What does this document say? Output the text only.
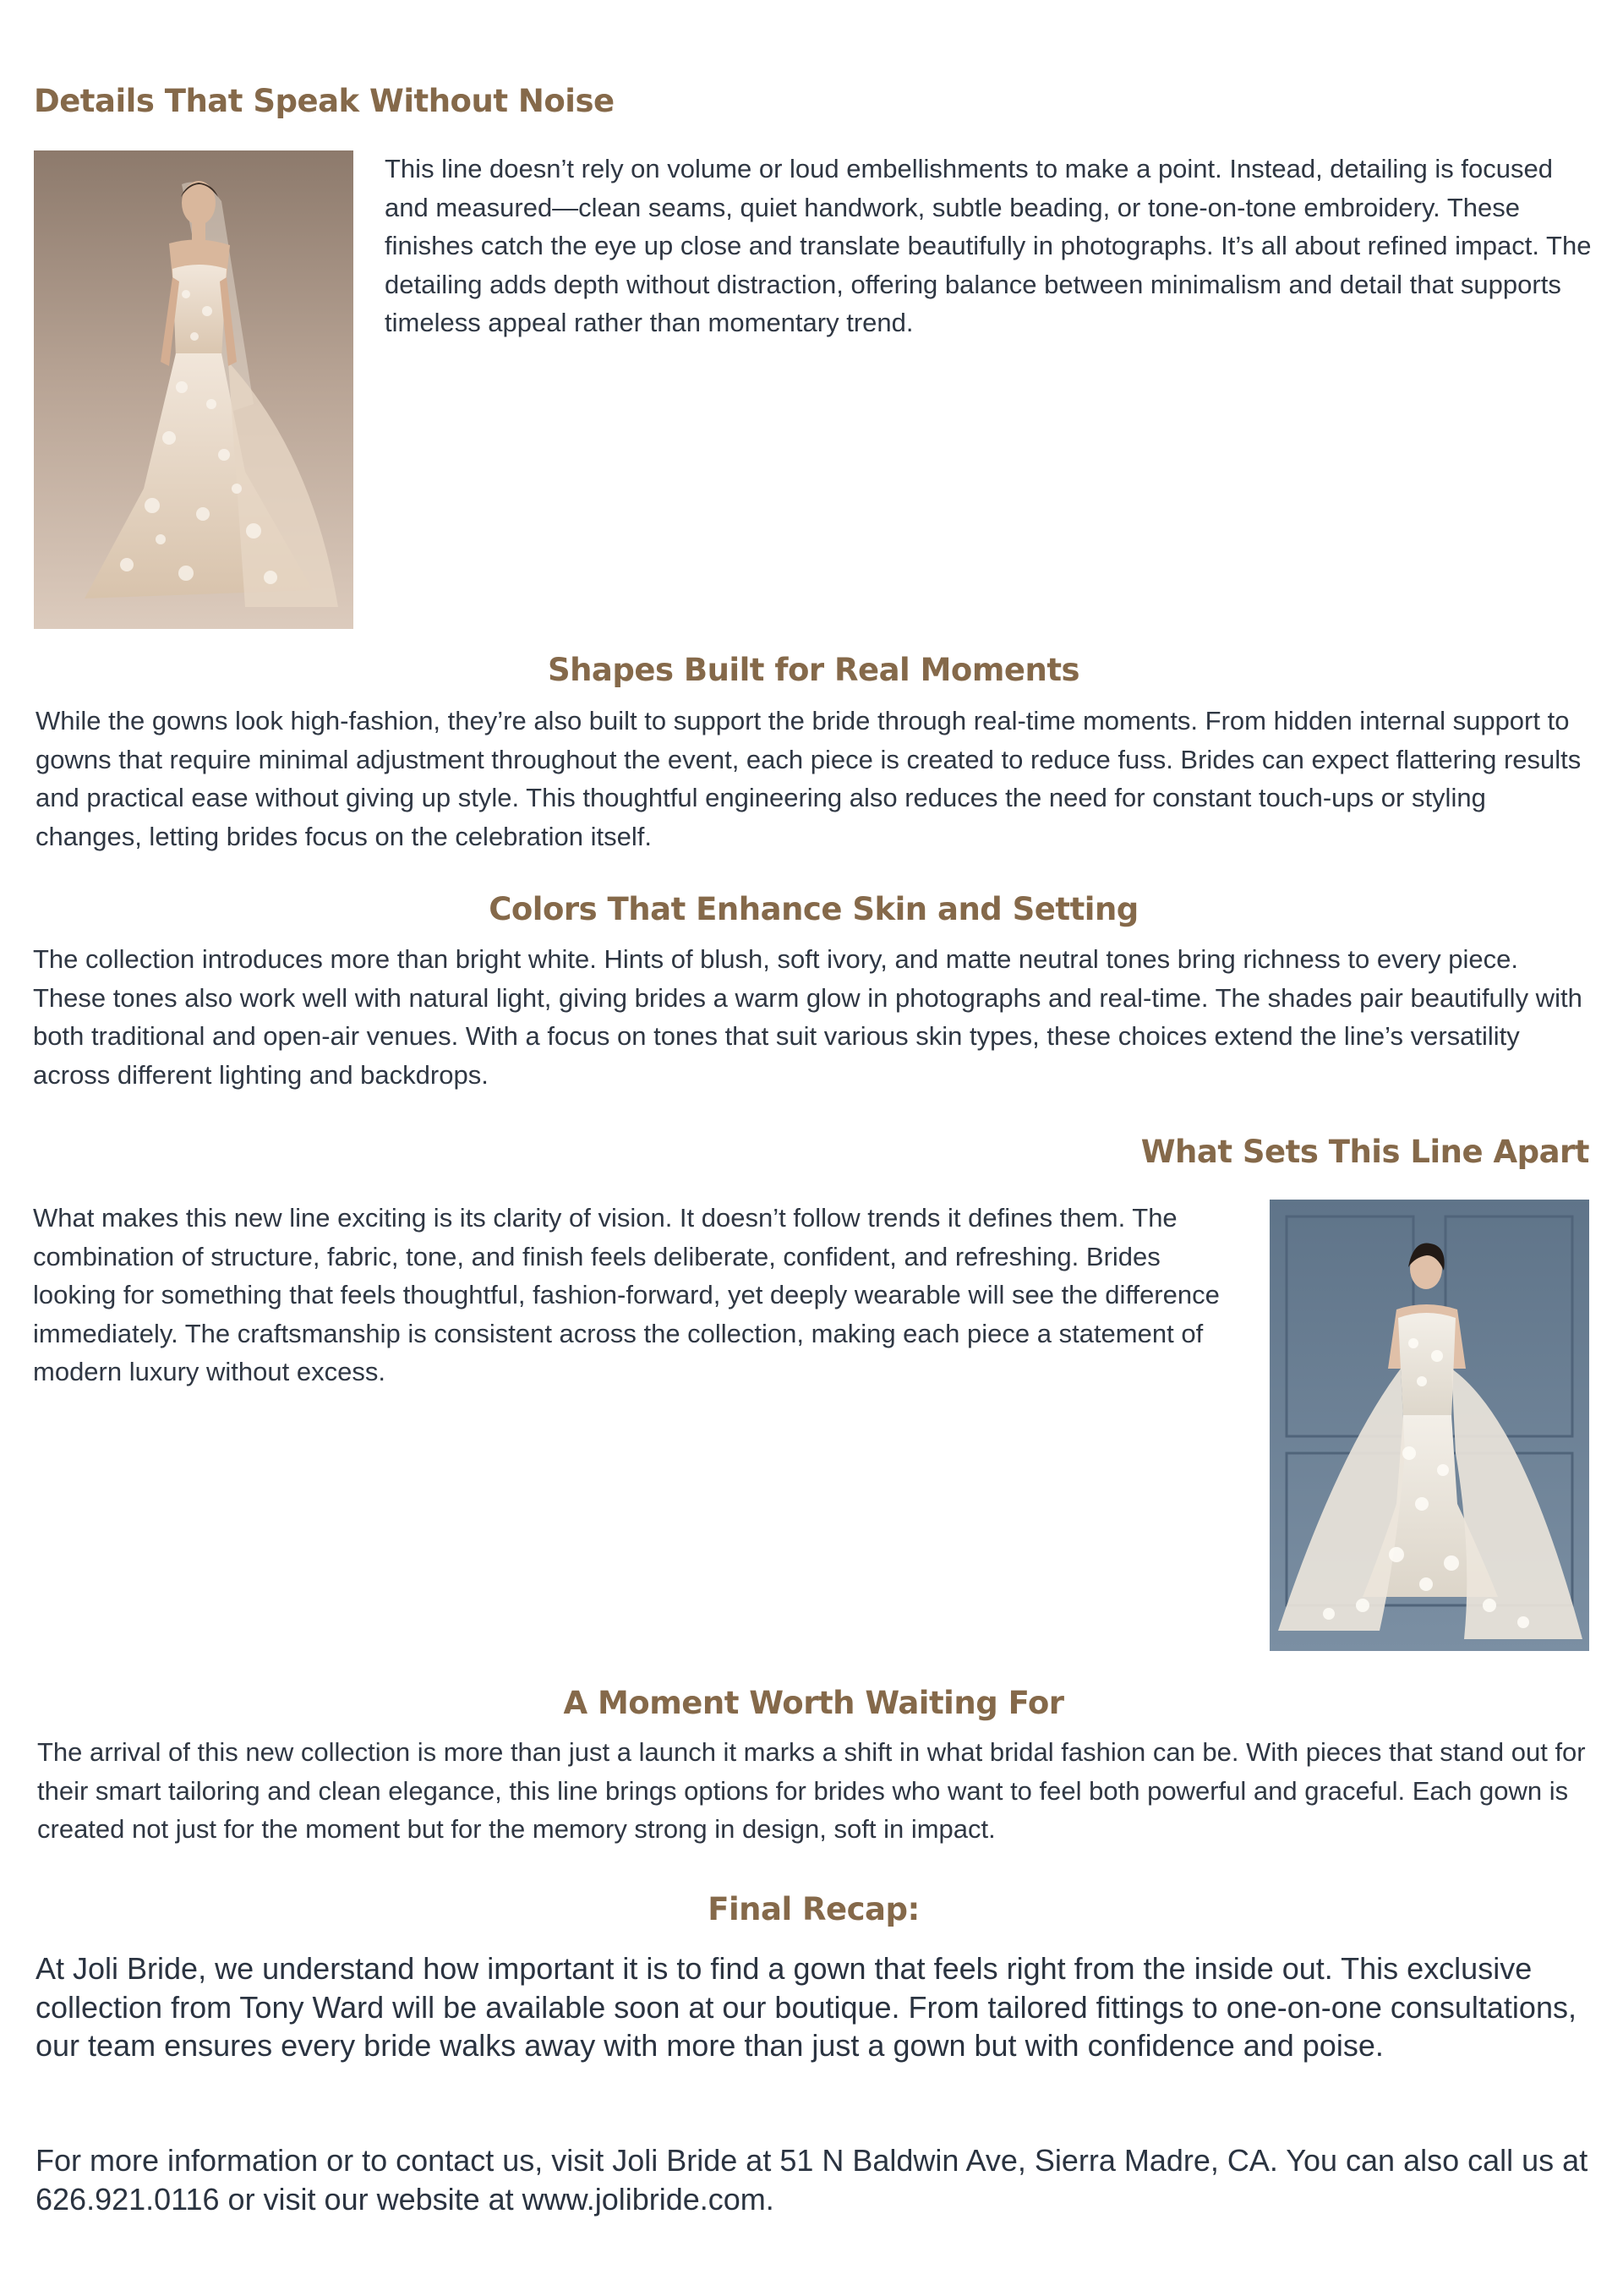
Details That Speak Without Noise

This line doesn’t rely on volume or loud embellishments to make a point. Instead, detailing is focused and measured—clean seams, quiet handwork, subtle beading, or tone-on-tone embroidery. These finishes catch the eye up close and translate beautifully in photographs. It’s all about refined impact. The detailing adds depth without distraction, offering balance between minimalism and detail that supports timeless appeal rather than momentary trend.

Shapes Built for Real Moments

While the gowns look high-fashion, they’re also built to support the bride through real-time moments. From hidden internal support to gowns that require minimal adjustment throughout the event, each piece is created to reduce fuss. Brides can expect flattering results and practical ease without giving up style. This thoughtful engineering also reduces the need for constant touch-ups or styling changes, letting brides focus on the celebration itself.

Colors That Enhance Skin and Setting

The collection introduces more than bright white. Hints of blush, soft ivory, and matte neutral tones bring richness to every piece. These tones also work well with natural light, giving brides a warm glow in photographs and real-time. The shades pair beautifully with both traditional and open-air venues. With a focus on tones that suit various skin types, these choices extend the line’s versatility across different lighting and backdrops.

What Sets This Line Apart

What makes this new line exciting is its clarity of vision. It doesn’t follow trends it defines them. The combination of structure, fabric, tone, and finish feels deliberate, confident, and refreshing. Brides looking for something that feels thoughtful, fashion-forward, yet deeply wearable will see the difference immediately. The craftsmanship is consistent across the collection, making each piece a statement of modern luxury without excess.

A Moment Worth Waiting For

The arrival of this new collection is more than just a launch it marks a shift in what bridal fashion can be. With pieces that stand out for their smart tailoring and clean elegance, this line brings options for brides who want to feel both powerful and graceful. Each gown is created not just for the moment but for the memory strong in design, soft in impact.

Final Recap:

At Joli Bride, we understand how important it is to find a gown that feels right from the inside out. This exclusive collection from Tony Ward will be available soon at our boutique. From tailored fittings to one-on-one consultations, our team ensures every bride walks away with more than just a gown but with confidence and poise.

For more information or to contact us, visit Joli Bride at 51 N Baldwin Ave, Sierra Madre, CA. You can also call us at 626.921.0116 or visit our website at www.jolibride.com.
